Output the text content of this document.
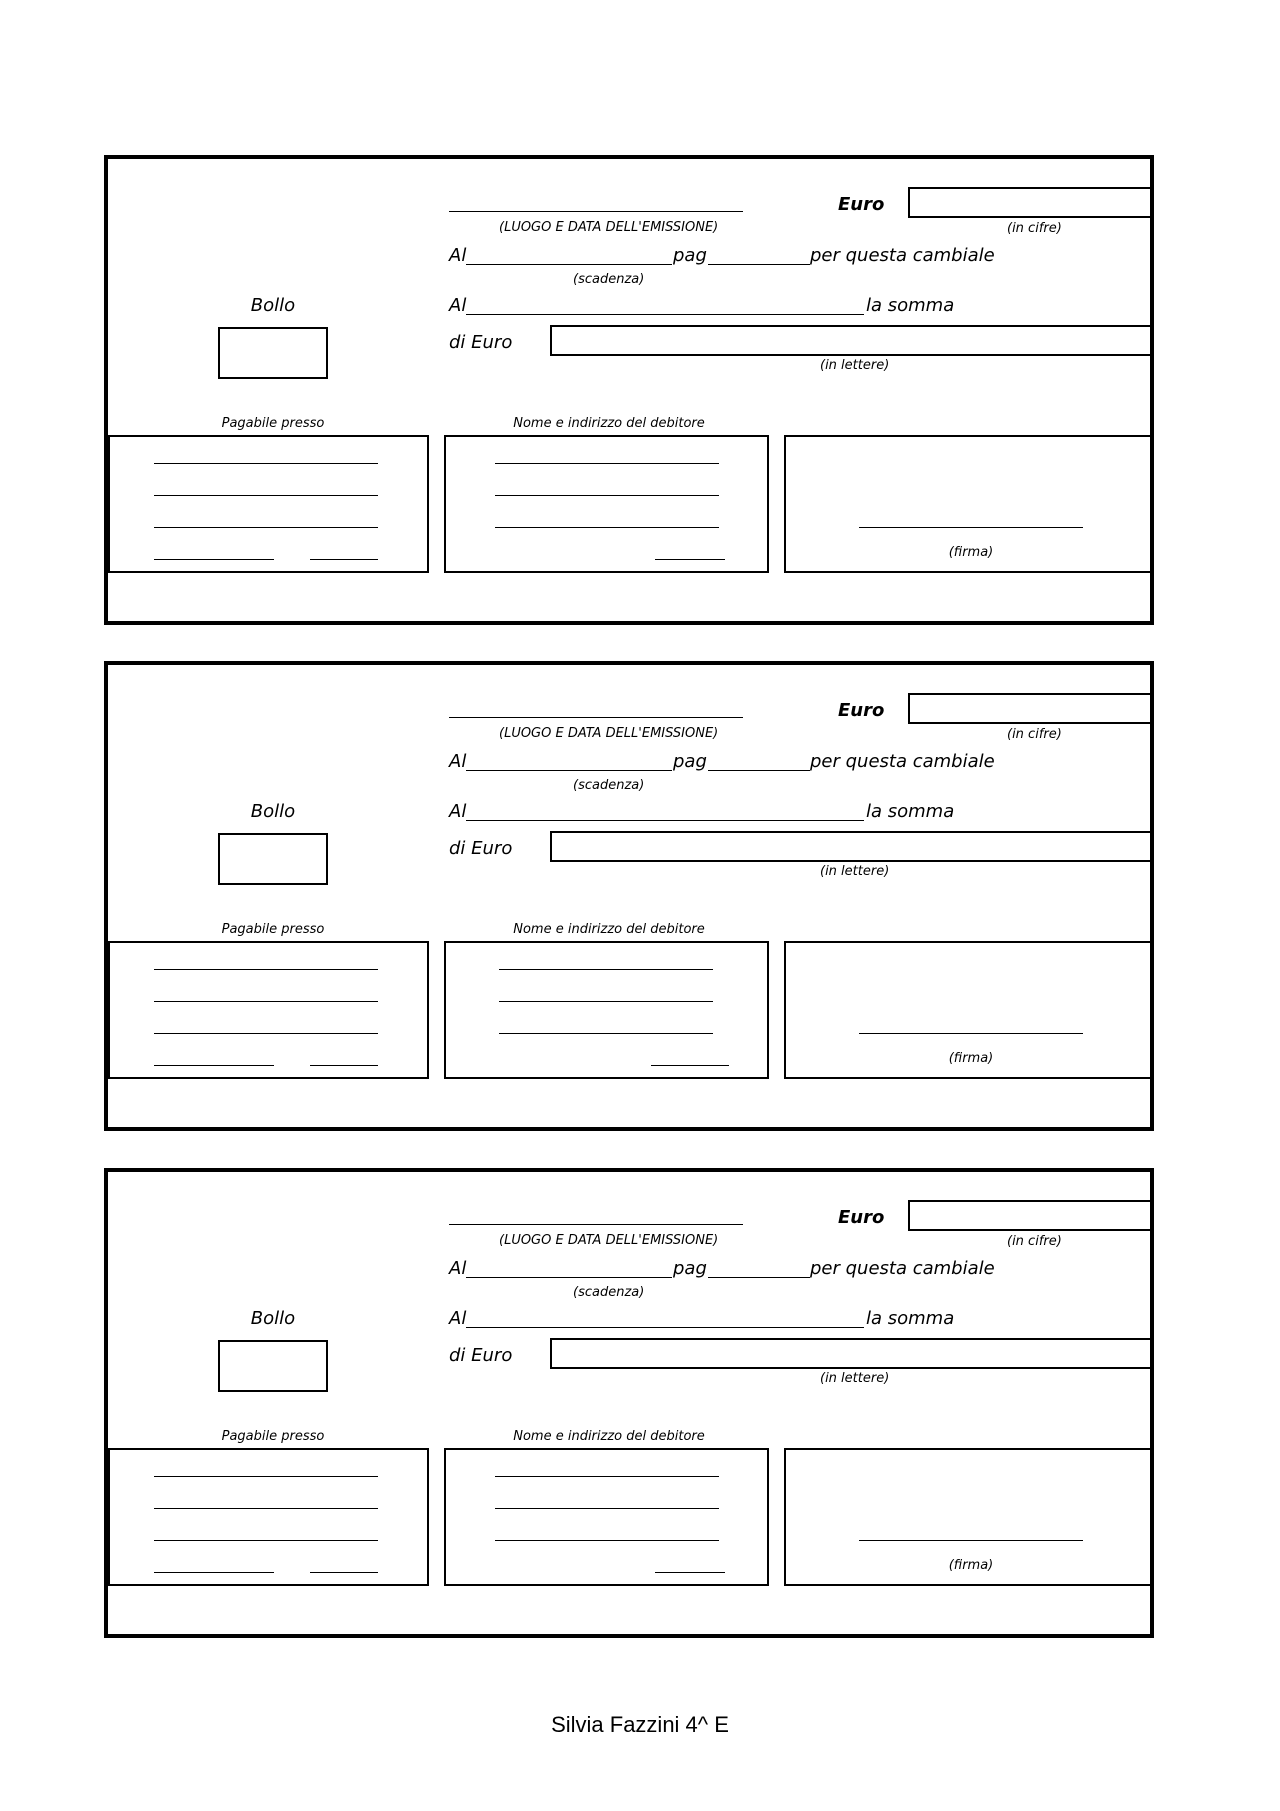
(LUOGO E DATA DELL'EMISSIONE)
Euro
(in cifre)
Al	pag	per questa cambiale
(scadenza)
Bollo	Al	la somma
di Euro
(in lettere)
Pagabile presso	Nome e indirizzo del debitore
(firma)
(LUOGO E DATA DELL'EMISSIONE)
Euro
(in cifre)
Al	pag	per questa cambiale
(scadenza)
Bollo	Al	la somma
di Euro
(in lettere)
Pagabile presso	Nome e indirizzo del debitore
(firma)
(LUOGO E DATA DELL'EMISSIONE)
Euro
(in cifre)
Al	pag	per questa cambiale
(scadenza)
Bollo	Al	la somma
di Euro
(in lettere)
Pagabile presso	Nome e indirizzo del debitore
(firma)
Silvia Fazzini 4^ E
